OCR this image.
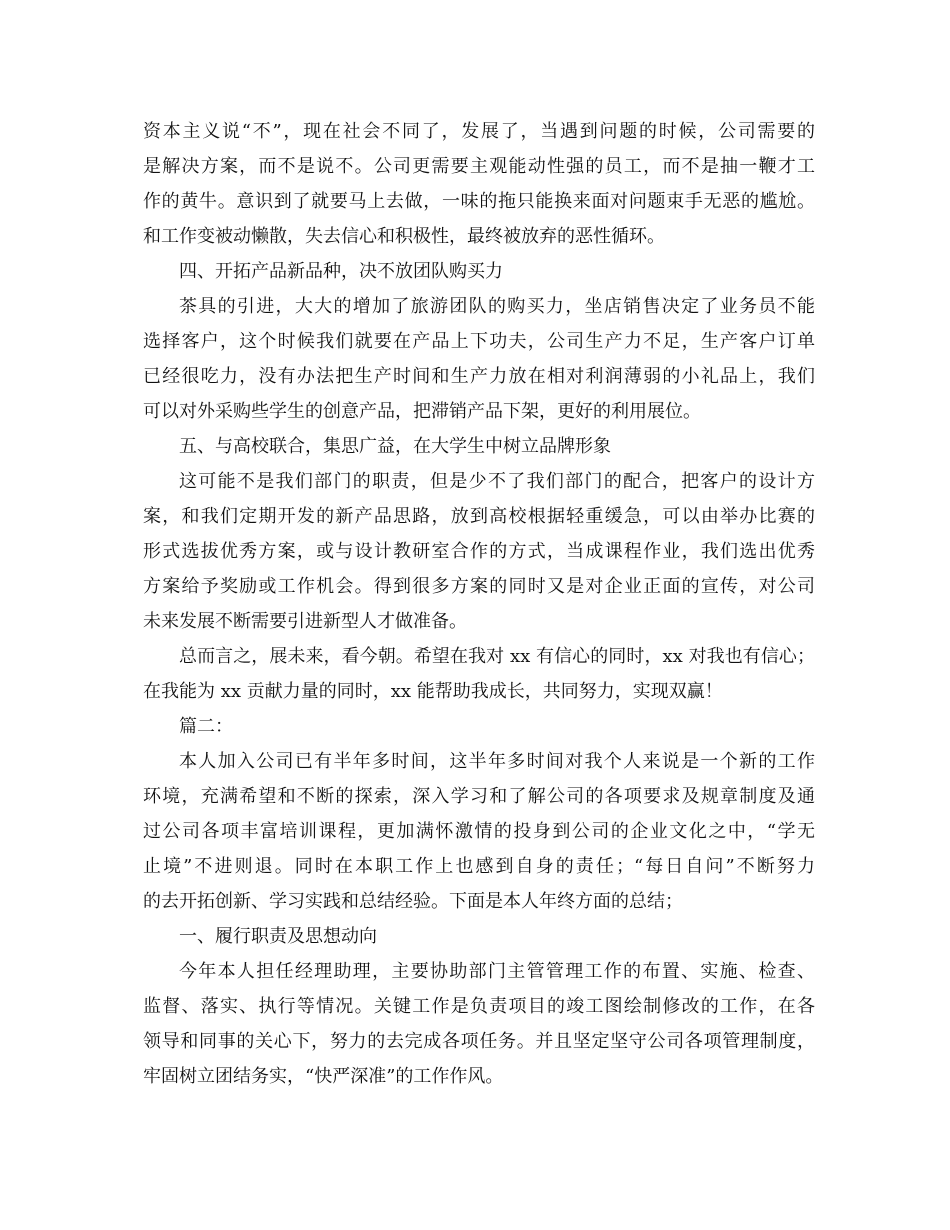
资本主义说“不”，现在社会不同了，发展了，当遇到问题的时候，公司需要的
是解决方案，而不是说不。公司更需要主观能动性强的员工，而不是抽一鞭才工
作的黄牛。意识到了就要马上去做，一味的拖只能换来面对问题束手无恶的尴尬。
和工作变被动懒散，失去信心和积极性，最终被放弃的恶性循环。
四、开拓产品新品种，决不放团队购买力
茶具的引进，大大的增加了旅游团队的购买力，坐店销售决定了业务员不能
选择客户，这个时候我们就要在产品上下功夫，公司生产力不足，生产客户订单
已经很吃力，没有办法把生产时间和生产力放在相对利润薄弱的小礼品上，我们
可以对外采购些学生的创意产品，把滞销产品下架，更好的利用展位。
五、与高校联合，集思广益，在大学生中树立品牌形象
这可能不是我们部门的职责，但是少不了我们部门的配合，把客户的设计方
案，和我们定期开发的新产品思路，放到高校根据轻重缓急，可以由举办比赛的
形式选拔优秀方案，或与设计教研室合作的方式，当成课程作业，我们选出优秀
方案给予奖励或工作机会。得到很多方案的同时又是对企业正面的宣传，对公司
未来发展不断需要引进新型人才做准备。
总而言之，展未来，看今朝。希望在我对 xx 有信心的同时，xx 对我也有信心；
在我能为 xx 贡献力量的同时，xx 能帮助我成长，共同努力，实现双赢！
篇二：
本人加入公司已有半年多时间，这半年多时间对我个人来说是一个新的工作
环境，充满希望和不断的探索，深入学习和了解公司的各项要求及规章制度及通
过公司各项丰富培训课程，更加满怀激情的投身到公司的企业文化之中，“学无
止境”不进则退。同时在本职工作上也感到自身的责任；“每日自问”不断努力
的去开拓创新、学习实践和总结经验。下面是本人年终方面的总结；
一、履行职责及思想动向
今年本人担任经理助理，主要协助部门主管管理工作的布置、实施、检查、
监督、落实、执行等情况。关键工作是负责项目的竣工图绘制修改的工作，在各
领导和同事的关心下，努力的去完成各项任务。并且坚定坚守公司各项管理制度，
牢固树立团结务实，“快严深准”的工作作风。
